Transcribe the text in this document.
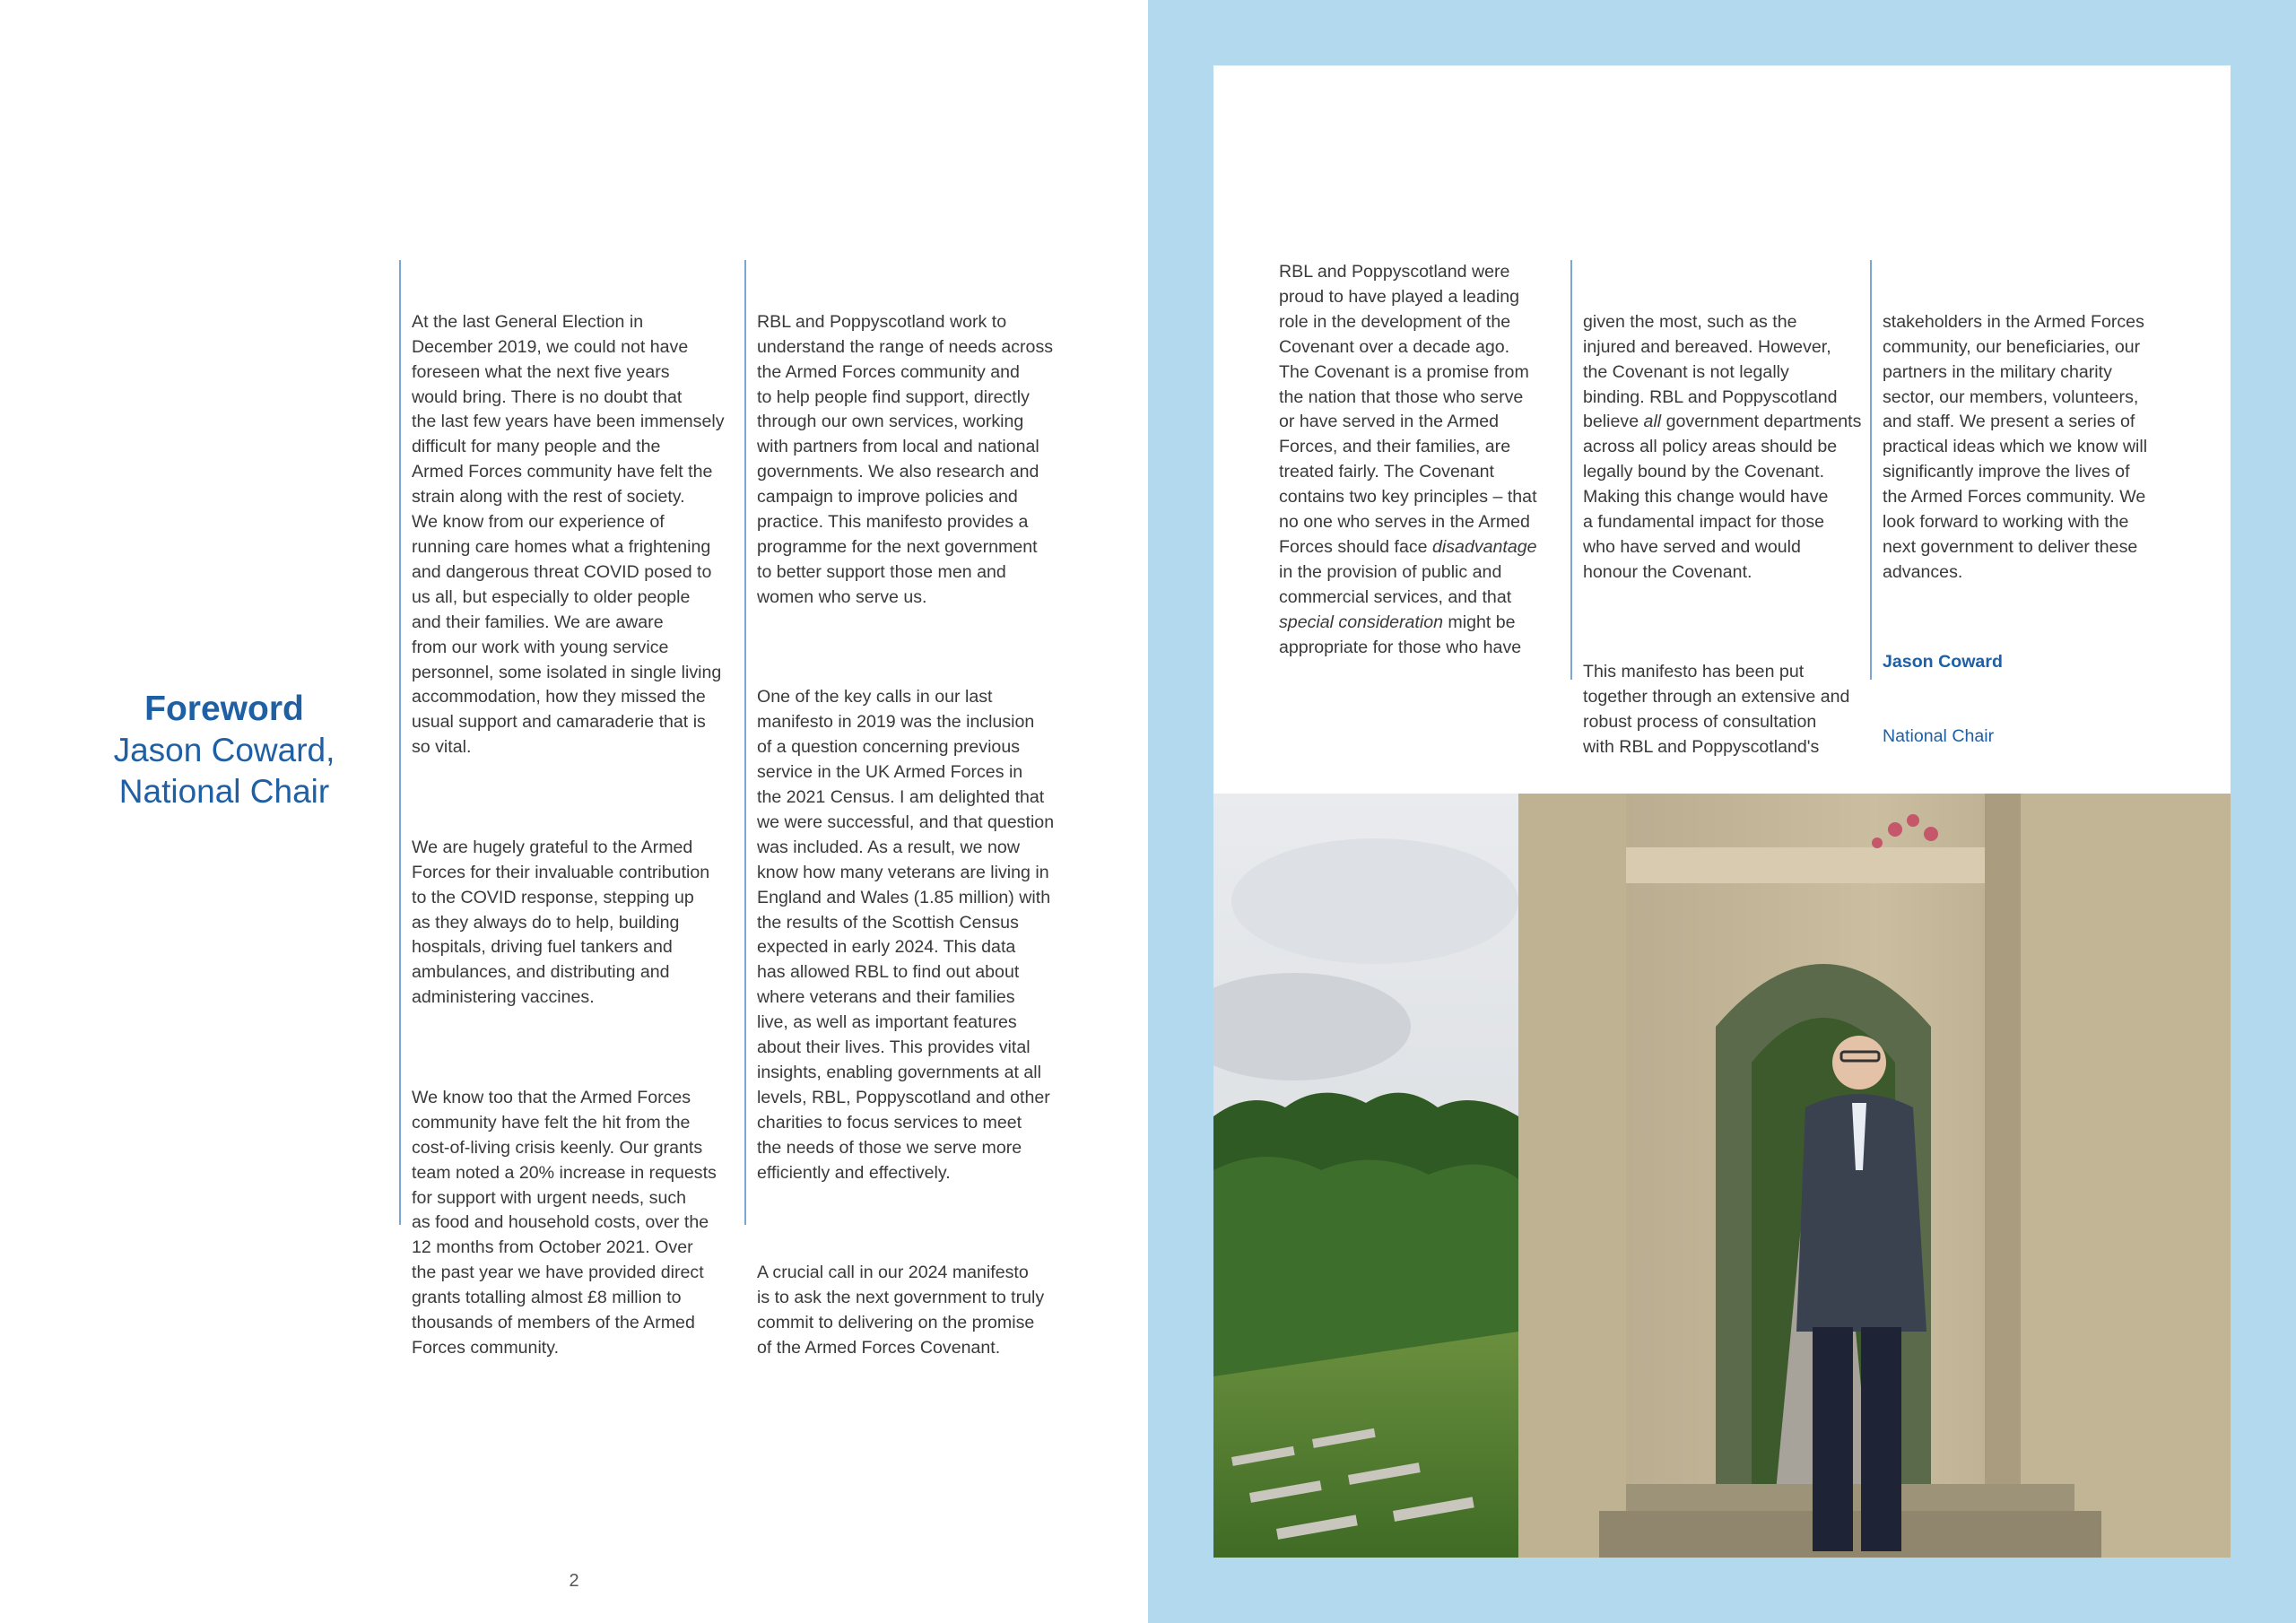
Foreword
Jason Coward,
National Chair

At the last General Election in
December 2019, we could not have
foreseen what the next five years
would bring. There is no doubt that
the last few years have been immensely
difficult for many people and the
Armed Forces community have felt the
strain along with the rest of society.
We know from our experience of
running care homes what a frightening
and dangerous threat COVID posed to
us all, but especially to older people
and their families. We are aware
from our work with young service
personnel, some isolated in single living
accommodation, how they missed the
usual support and camaraderie that is
so vital.

We are hugely grateful to the Armed
Forces for their invaluable contribution
to the COVID response, stepping up
as they always do to help, building
hospitals, driving fuel tankers and
ambulances, and distributing and
administering vaccines.

We know too that the Armed Forces
community have felt the hit from the
cost-of-living crisis keenly. Our grants
team noted a 20% increase in requests
for support with urgent needs, such
as food and household costs, over the
12 months from October 2021. Over
the past year we have provided direct
grants totalling almost £8 million to
thousands of members of the Armed
Forces community.

RBL and Poppyscotland work to
understand the range of needs across
the Armed Forces community and
to help people find support, directly
through our own services, working
with partners from local and national
governments. We also research and
campaign to improve policies and
practice. This manifesto provides a
programme for the next government
to better support those men and
women who serve us.

One of the key calls in our last
manifesto in 2019 was the inclusion
of a question concerning previous
service in the UK Armed Forces in
the 2021 Census. I am delighted that
we were successful, and that question
was included. As a result, we now
know how many veterans are living in
England and Wales (1.85 million) with
the results of the Scottish Census
expected in early 2024. This data
has allowed RBL to find out about
where veterans and their families
live, as well as important features
about their lives. This provides vital
insights, enabling governments at all
levels, RBL, Poppyscotland and other
charities to focus services to meet
the needs of those we serve more
efficiently and effectively.

A crucial call in our 2024 manifesto
is to ask the next government to truly
commit to delivering on the promise
of the Armed Forces Covenant.

2
RBL and Poppyscotland were
proud to have played a leading
role in the development of the
Covenant over a decade ago.
The Covenant is a promise from
the nation that those who serve
or have served in the Armed
Forces, and their families, are
treated fairly. The Covenant
contains two key principles – that
no one who serves in the Armed
Forces should face disadvantage
in the provision of public and
commercial services, and that
special consideration might be
appropriate for those who have

given the most, such as the
injured and bereaved. However,
the Covenant is not legally
binding. RBL and Poppyscotland
believe all government departments
across all policy areas should be
legally bound by the Covenant.
Making this change would have
a fundamental impact for those
who have served and would
honour the Covenant.

This manifesto has been put
together through an extensive and
robust process of consultation
with RBL and Poppyscotland's

stakeholders in the Armed Forces
community, our beneficiaries, our
partners in the military charity
sector, our members, volunteers,
and staff. We present a series of
practical ideas which we know will
significantly improve the lives of
the Armed Forces community. We
look forward to working with the
next government to deliver these
advances.

Jason Coward

National Chair
